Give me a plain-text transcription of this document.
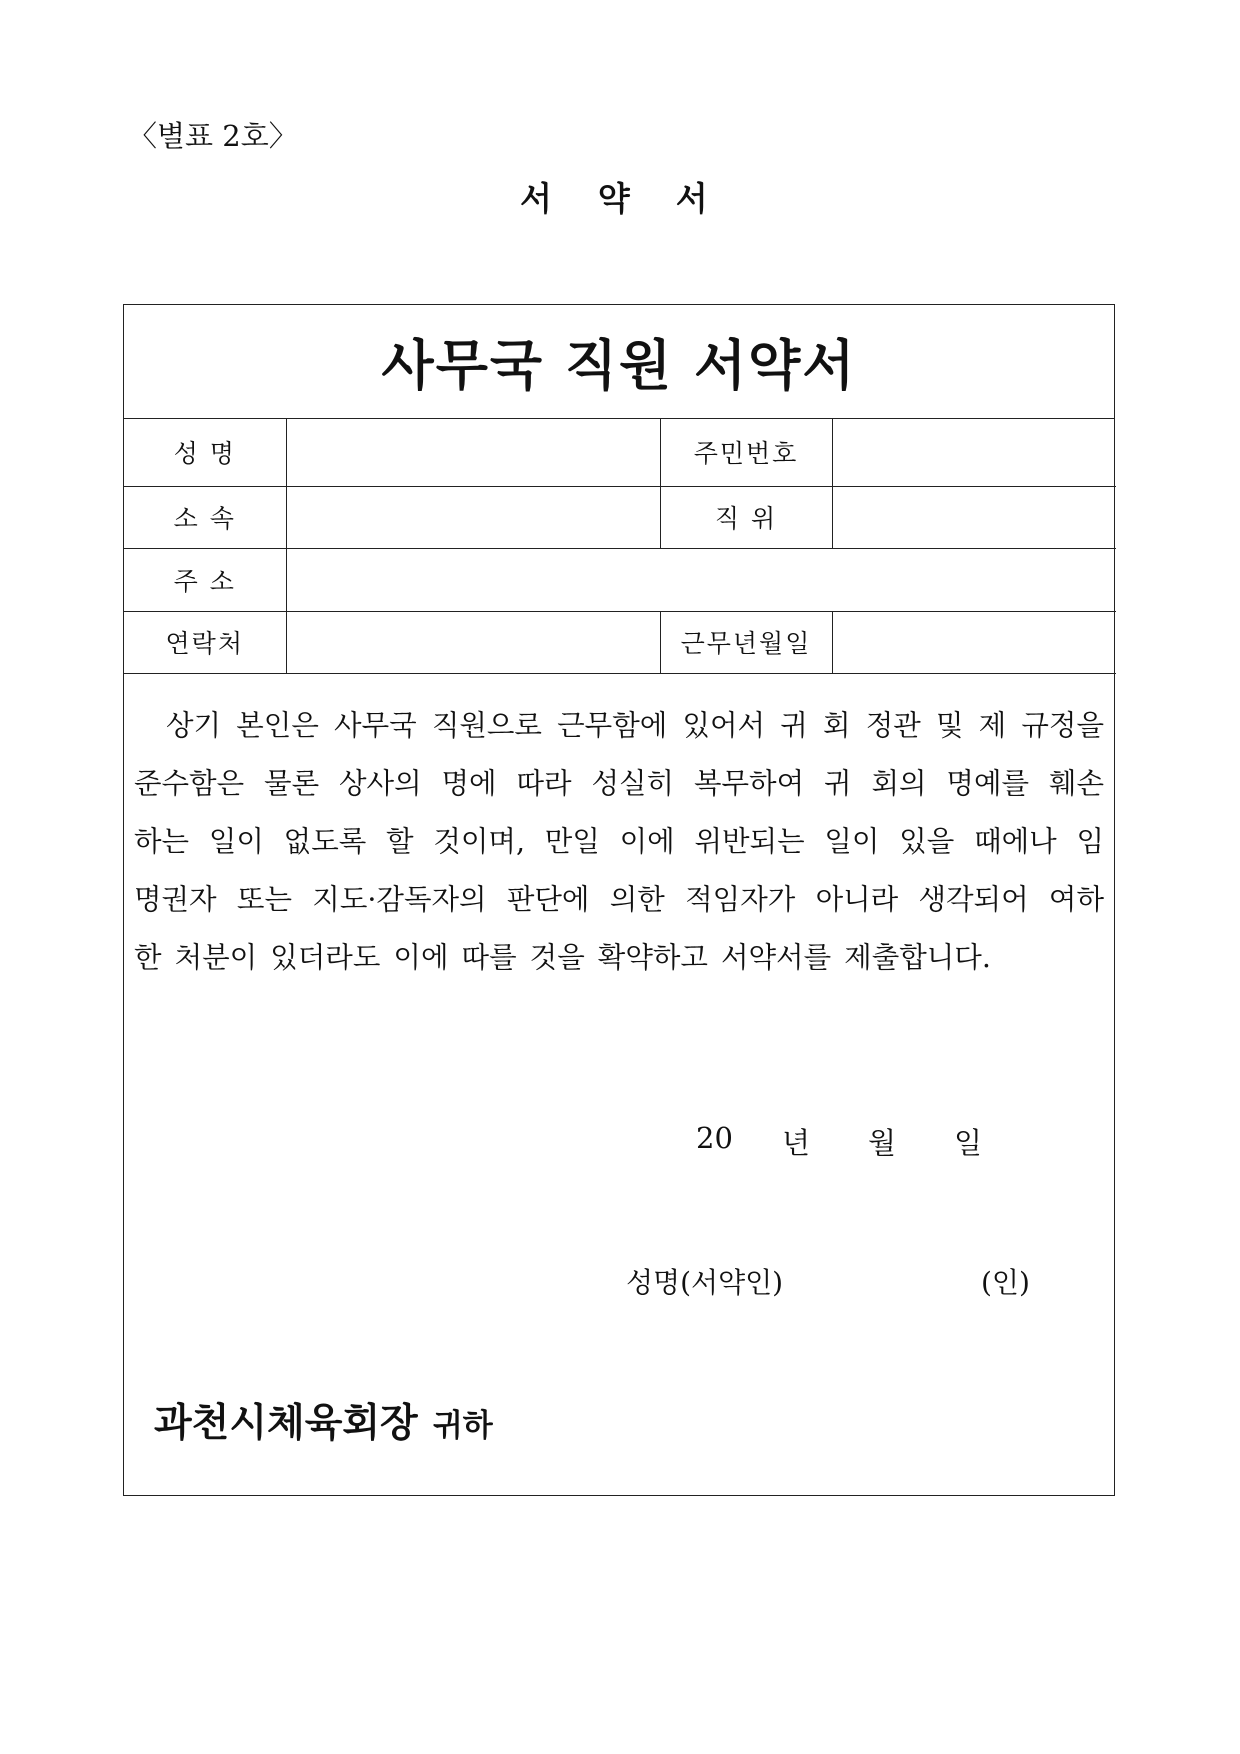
〈별표 2호〉
서약서
사무국 직원 서약서
성 명		주민번호	
소 속		직 위	
주 소			
연락처		근무년월일	
상기 본인은 사무국 직원으로 근무함에 있어서 귀 회 정관 및 제 규정을
준수함은 물론 상사의 명에 따라 성실히 복무하여 귀 회의 명예를 훼손
하는 일이 없도록 할 것이며, 만일 이에 위반되는 일이 있을 때에나 임
명권자 또는 지도·감독자의 판단에 의한 적임자가 아니라 생각되어 여하
한 처분이 있더라도 이에 따를 것을 확약하고 서약서를 제출합니다.
20	년	월	일
성명(서약인)	(인)
과천시체육회장 귀하
